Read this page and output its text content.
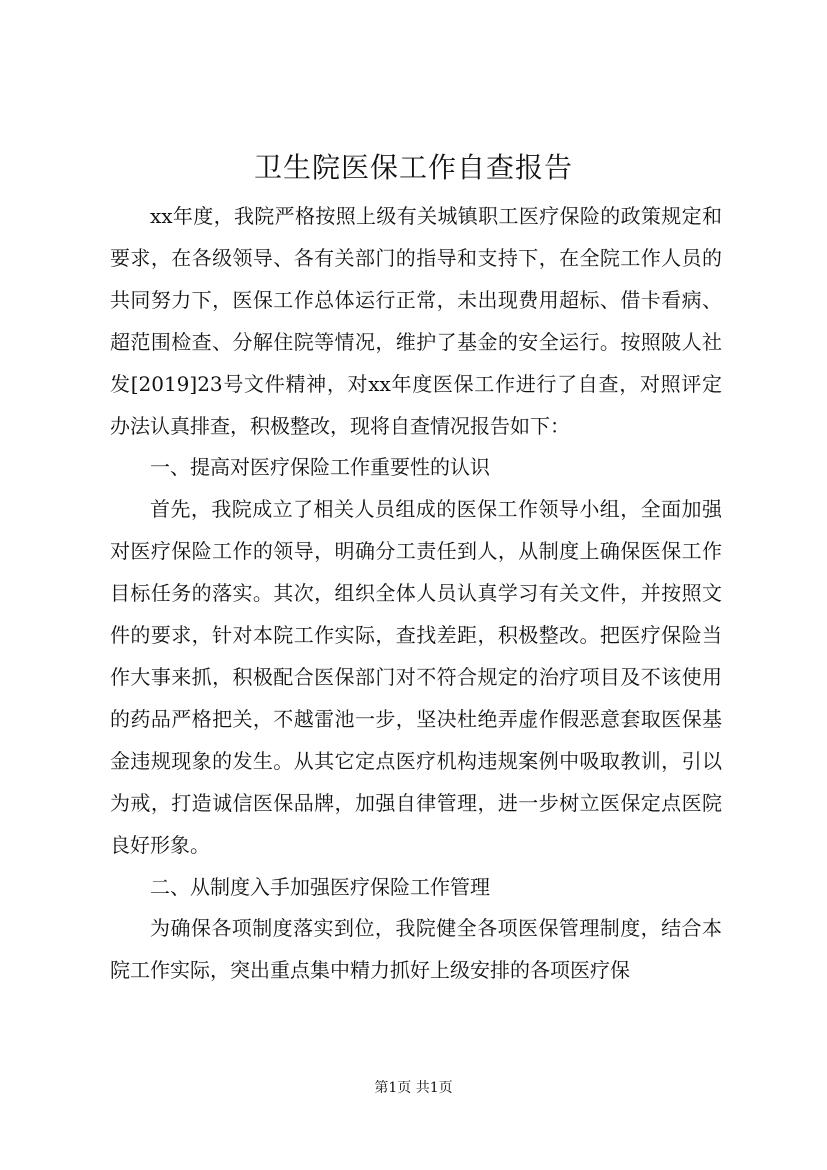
卫生院医保工作自查报告

xx年度，我院严格按照上级有关城镇职工医疗保险的政策规定和要求，在各级领导、各有关部门的指导和支持下，在全院工作人员的共同努力下，医保工作总体运行正常，未出现费用超标、借卡看病、超范围检查、分解住院等情况，维护了基金的安全运行。按照陂人社发[2019]23号文件精神，对xx年度医保工作进行了自查，对照评定办法认真排查，积极整改，现将自查情况报告如下：

一、提高对医疗保险工作重要性的认识

首先，我院成立了相关人员组成的医保工作领导小组，全面加强对医疗保险工作的领导，明确分工责任到人，从制度上确保医保工作目标任务的落实。其次，组织全体人员认真学习有关文件，并按照文件的要求，针对本院工作实际，查找差距，积极整改。把医疗保险当作大事来抓，积极配合医保部门对不符合规定的治疗项目及不该使用的药品严格把关，不越雷池一步，坚决杜绝弄虚作假恶意套取医保基金违规现象的发生。从其它定点医疗机构违规案例中吸取教训，引以为戒，打造诚信医保品牌，加强自律管理，进一步树立医保定点医院良好形象。

二、从制度入手加强医疗保险工作管理

为确保各项制度落实到位，我院健全各项医保管理制度，结合本院工作实际，突出重点集中精力抓好上级安排的各项医疗保

第1页 共1页
